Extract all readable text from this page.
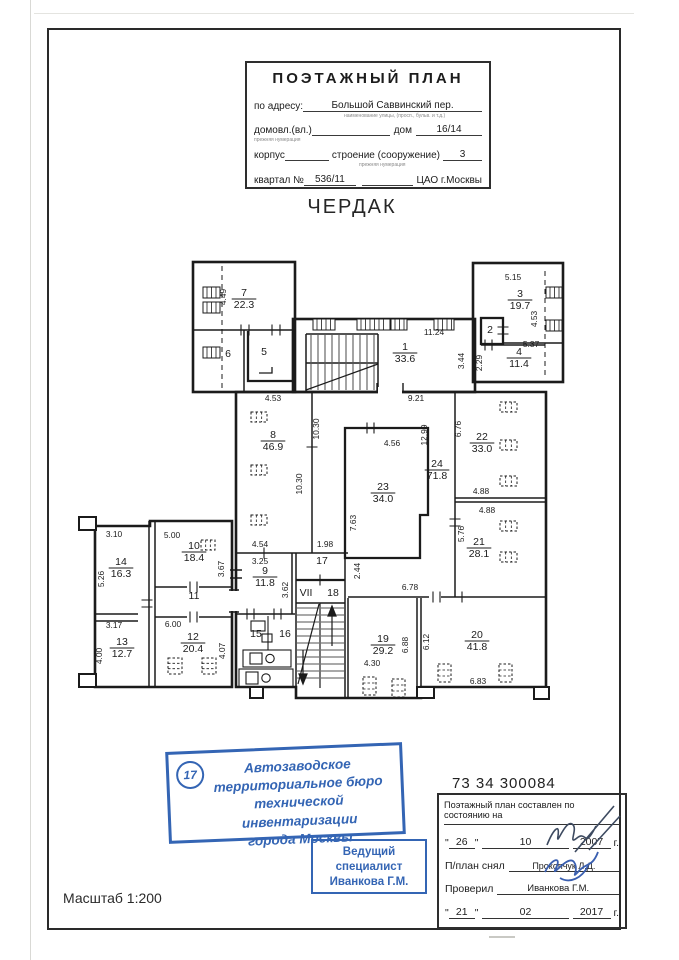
ПОЭТАЖНЫЙ ПЛАН
по адресу:	Большой Саввинский пер.
наименование улицы, (просп., бульв. и т.д.)
домовл.(вл.)	дом	16/14
прежняя нумерация
корпус	строение (сооружение)	3
прежняя нумерация
квартал №	536/11	ЦАО г.Москвы
ЧЕРДАК
1
33.6
2
3
19.7
4
11.4
5
6
7
22.3
8
46.9
9
11.8
10
18.4
11
12
20.4
13
12.7
14
16.3
15 16
17
18
VII
19
29.2
20
41.8
21
28.1
22
33.0
23
34.0
24
71.8
4.49
5.15
4.53
11.24
3.44
5.37
2.29
4.53	9.21
10.30
10.30
12.99
4.56
6.76
4.88
4.88
7.63
5.76
4.54	1.98
3.25
3.10	5.00
5.26
3.67
3.62
3.17	6.00
4.00	4.07
2.44
6.78
6.88 6.12
4.30
6.83
17	Автозаводское
территориальное бюро
технической инвентаризации
города Москвы
Ведущий
специалист
Иванкова Г.М.
73 34 300084
Поэтажный план составлен по состоянию на
" 26 "	10	2007 г.
П/план снял	Прокопчук Л.Д.
Проверил	Иванкова Г.М.
" 21 "	02	2017 г.
Масштаб 1:200
